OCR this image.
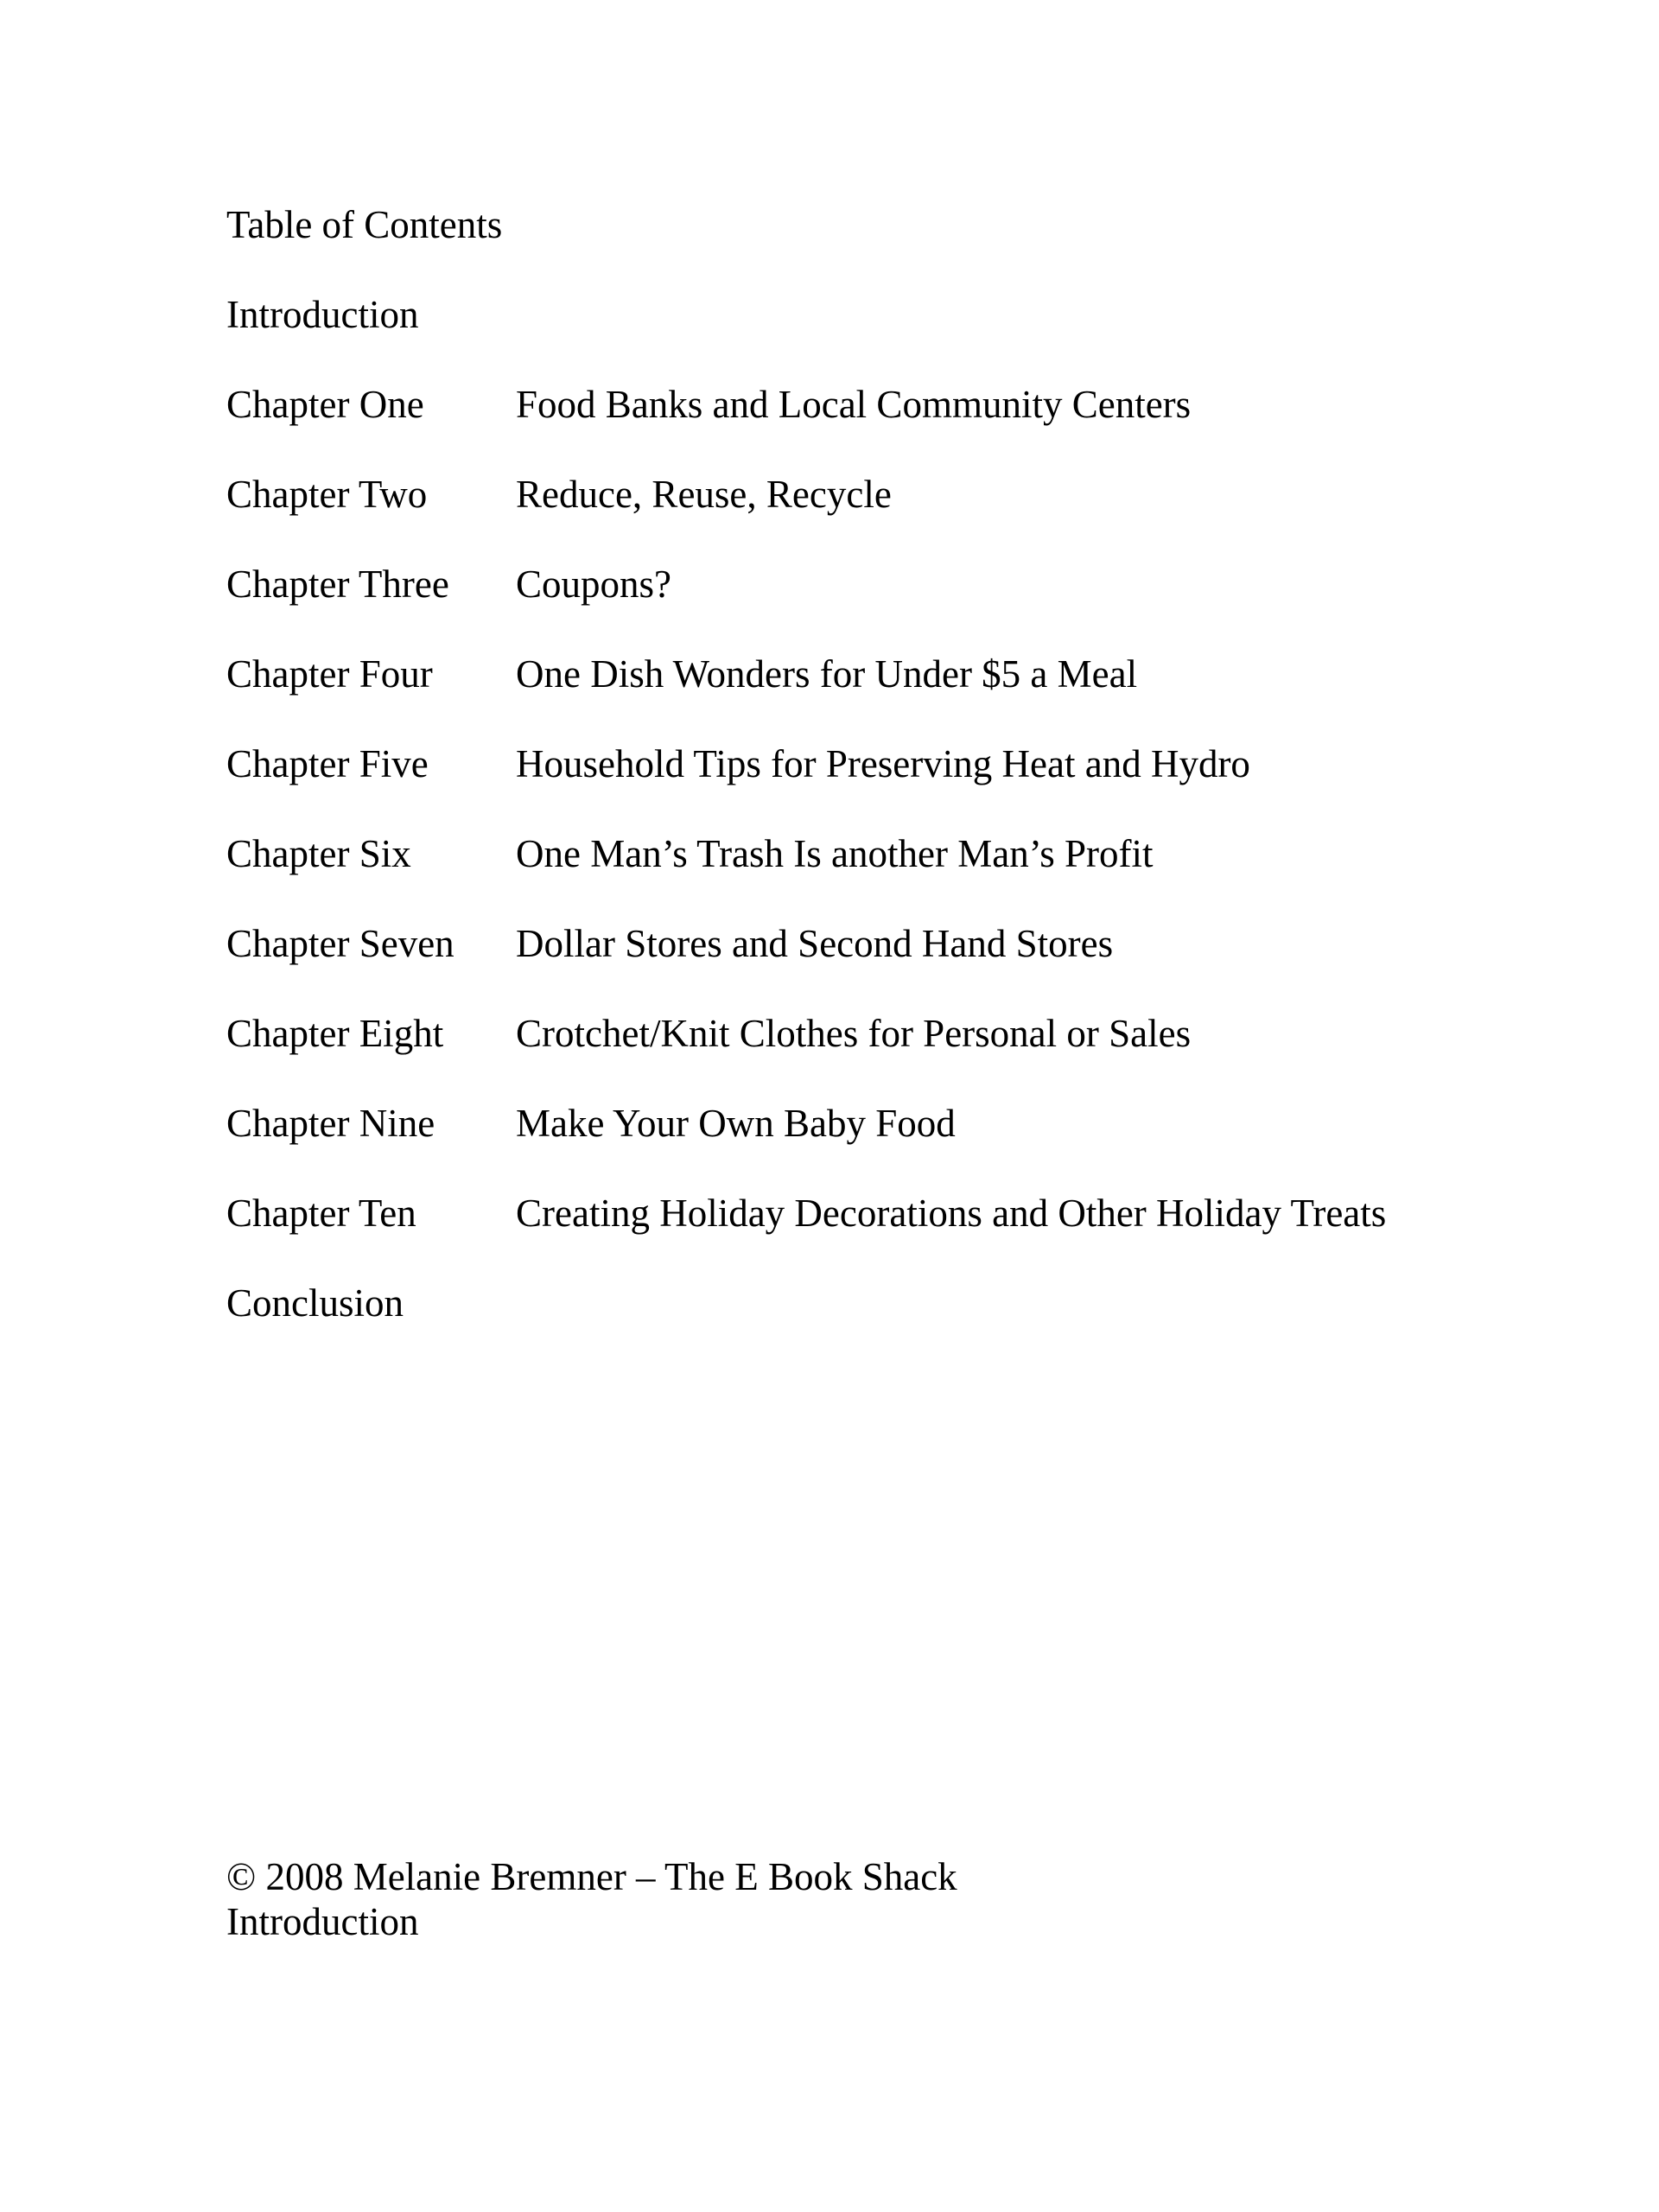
Table of Contents
Introduction
Chapter One	Food Banks and Local Community Centers
Chapter Two	Reduce, Reuse, Recycle
Chapter Three	Coupons?
Chapter Four	One Dish Wonders for Under $5 a Meal
Chapter Five	Household Tips for Preserving Heat and Hydro
Chapter Six	One Man’s Trash Is another Man’s Profit
Chapter Seven	Dollar Stores and Second Hand Stores
Chapter Eight	Crotchet/Knit Clothes for Personal or Sales
Chapter Nine	Make Your Own Baby Food
Chapter Ten	Creating Holiday Decorations and Other Holiday Treats
Conclusion
© 2008 Melanie Bremner – The E Book Shack
Introduction
